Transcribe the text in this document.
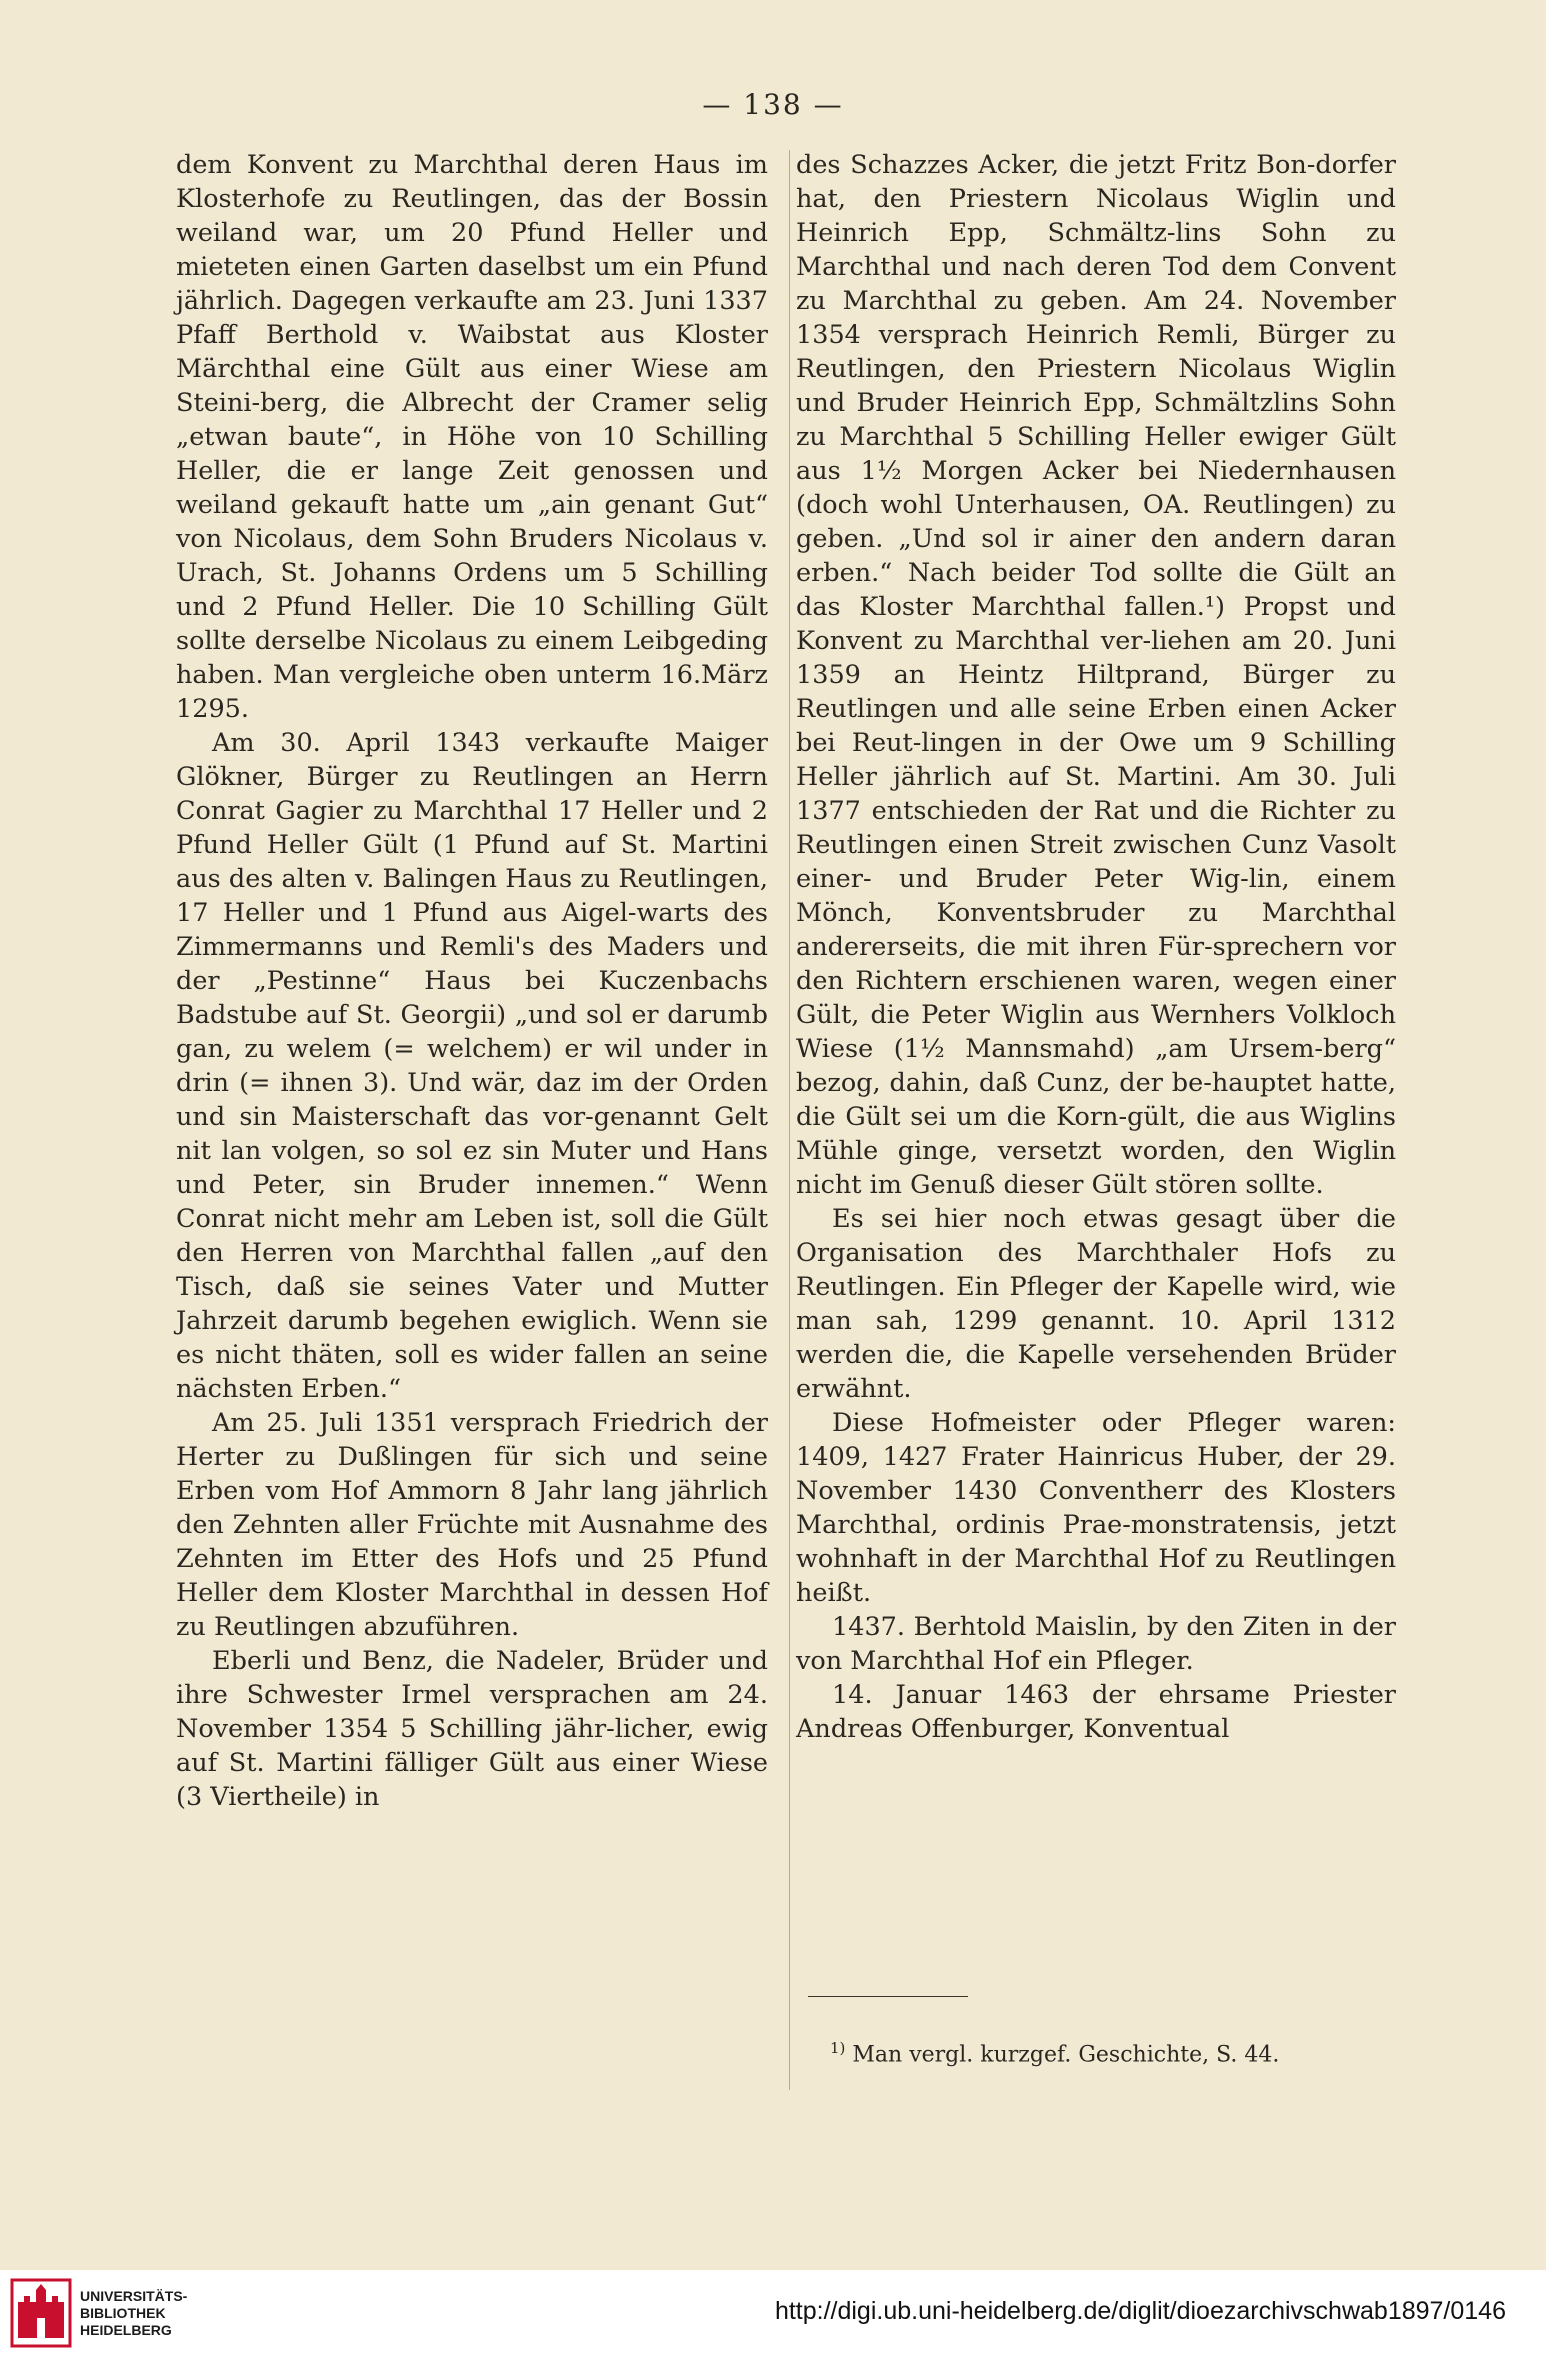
— 138 —

dem Konvent zu Marchthal deren Haus im Klosterhofe zu Reutlingen, das der Bossin weiland war, um 20 Pfund Heller und mieteten einen Garten daselbst um ein Pfund jährlich. Dagegen verkaufte am 23. Juni 1337 Pfaff Berthold v. Waibstat aus Kloster Märchthal eine Gült aus einer Wiese am Steini-berg, die Albrecht der Cramer selig „etwan baute“, in Höhe von 10 Schilling Heller, die er lange Zeit genossen und weiland gekauft hatte um „ain genant Gut“ von Nicolaus, dem Sohn Bruders Nicolaus v. Urach, St. Johanns Ordens um 5 Schilling und 2 Pfund Heller. Die 10 Schilling Gült sollte derselbe Nicolaus zu einem Leibgeding haben. Man vergleiche oben unterm 16.März 1295.

Am 30. April 1343 verkaufte Maiger Glökner, Bürger zu Reutlingen an Herrn Conrat Gagier zu Marchthal 17 Heller und 2 Pfund Heller Gült (1 Pfund auf St. Martini aus des alten v. Balingen Haus zu Reutlingen, 17 Heller und 1 Pfund aus Aigel-warts des Zimmermanns und Remli's des Maders und der „Pestinne“ Haus bei Kuczenbachs Badstube auf St. Georgii) „und sol er darumb gan, zu welem (= welchem) er wil under in drin (= ihnen 3). Und wär, daz im der Orden und sin Maisterschaft das vor-genannt Gelt nit lan volgen, so sol ez sin Muter und Hans und Peter, sin Bruder innemen.“ Wenn Conrat nicht mehr am Leben ist, soll die Gült den Herren von Marchthal fallen „auf den Tisch, daß sie seines Vater und Mutter Jahrzeit darumb begehen ewiglich. Wenn sie es nicht thäten, soll es wider fallen an seine nächsten Erben.“

Am 25. Juli 1351 versprach Friedrich der Herter zu Dußlingen für sich und seine Erben vom Hof Ammorn 8 Jahr lang jährlich den Zehnten aller Früchte mit Ausnahme des Zehnten im Etter des Hofs und 25 Pfund Heller dem Kloster Marchthal in dessen Hof zu Reutlingen abzuführen.

Eberli und Benz, die Nadeler, Brüder und ihre Schwester Irmel versprachen am 24. November 1354 5 Schilling jähr-licher, ewig auf St. Martini fälliger Gült aus einer Wiese (3 Viertheile) in

des Schazzes Acker, die jetzt Fritz Bon-dorfer hat, den Priestern Nicolaus Wiglin und Heinrich Epp, Schmältz-lins Sohn zu Marchthal und nach deren Tod dem Convent zu Marchthal zu geben. Am 24. November 1354 versprach Heinrich Remli, Bürger zu Reutlingen, den Priestern Nicolaus Wiglin und Bruder Heinrich Epp, Schmältzlins Sohn zu Marchthal 5 Schilling Heller ewiger Gült aus 1½ Morgen Acker bei Niedernhausen (doch wohl Unterhausen, OA. Reutlingen) zu geben. „Und sol ir ainer den andern daran erben.“ Nach beider Tod sollte die Gült an das Kloster Marchthal fallen.¹) Propst und Konvent zu Marchthal ver-liehen am 20. Juni 1359 an Heintz Hiltprand, Bürger zu Reutlingen und alle seine Erben einen Acker bei Reut-lingen in der Owe um 9 Schilling Heller jährlich auf St. Martini. Am 30. Juli 1377 entschieden der Rat und die Richter zu Reutlingen einen Streit zwischen Cunz Vasolt einer- und Bruder Peter Wig-lin, einem Mönch, Konventsbruder zu Marchthal andererseits, die mit ihren Für-sprechern vor den Richtern erschienen waren, wegen einer Gült, die Peter Wiglin aus Wernhers Volkloch Wiese (1½ Mannsmahd) „am Ursem-berg“ bezog, dahin, daß Cunz, der be-hauptet hatte, die Gült sei um die Korn-gült, die aus Wiglins Mühle ginge, versetzt worden, den Wiglin nicht im Genuß dieser Gült stören sollte.

Es sei hier noch etwas gesagt über die Organisation des Marchthaler Hofs zu Reutlingen. Ein Pfleger der Kapelle wird, wie man sah, 1299 genannt. 10. April 1312 werden die, die Kapelle versehenden Brüder erwähnt.

Diese Hofmeister oder Pfleger waren: 1409, 1427 Frater Hainricus Huber, der 29. November 1430 Conventherr des Klosters Marchthal, ordinis Prae-monstratensis, jetzt wohnhaft in der Marchthal Hof zu Reutlingen heißt.

1437. Berhtold Maislin, by den Ziten in der von Marchthal Hof ein Pfleger.

14. Januar 1463 der ehrsame Priester Andreas Offenburger, Konventual

$^{1)}$ Man vergl. kurzgef. Geschichte, S. 44.
UNIVERSITÄTS-
BIBLIOTHEK
HEIDELBERG
http://digi.ub.uni-heidelberg.de/diglit/dioezarchivschwab1897/0146
